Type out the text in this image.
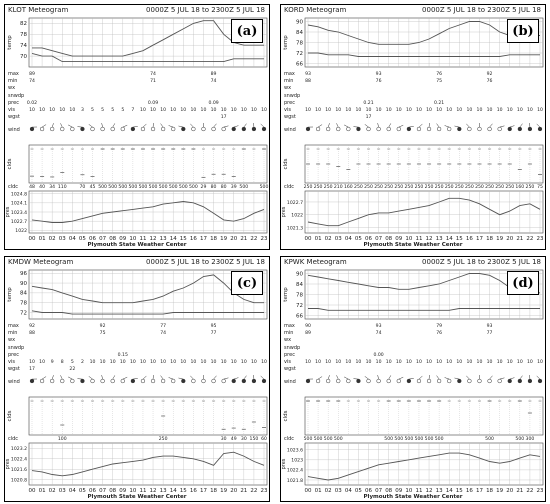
KLOT Meteogram	0000Z 5 JUL 18 to 2300Z 5 JUL 18
70
74
78
82
temp
max 89	74	89
min	74	71	74
wx
snwdp
prec 0.02	0.09	0.09
vis	10 10 10 10 10 3 5 5 5 5 7 10 10 10 10 10 10 10 10 10 10 10 10 10
wgst	17
wind
clds
cldc 48 40 34 110	70 45 500 500 500 500 500 500 500 500 500 500 29 80 80 39 500 500
1022
1022.7
1023.4
1024.1
1024.8
pres
00 01 02 03 04 05 06 07 08 09 10 11 12 13 14 15 16 17 18 19 20 21 22 23
(a)
Plymouth State Weather Center
KORD Meteogram	0000Z 5 JUL 18 to 2300Z 5 JUL 18
66
72
78
84
90
temp
max 93	93	76	92
min	88	76	75	76
wx
snwdp
prec	0.21	0.21
vis	10 10 10 10 10 10 10 10 10 10 10 10 10 10 10 10 10 10 10 10 10 10 10 10
wgst	17
wind
clds
cldc 250 250 250 210 160 250 250 250 250 250 250 250 250 250 250 250 250 250 250 250 250 160 250 75
1021.3
1022
1022.7
pres
00 01 02 03 04 05 06 07 08 09 10 11 12 13 14 15 16 17 18 19 20 21 22 23
(b)
Plymouth State Weather Center
KMDW Meteogram	0000Z 5 JUL 18 to 2300Z 5 JUL 18
72
78
84
90
96
temp
max 92	92	77	95
min	88	75	74	77
wx
snwdp
prec	0.15
vis	10 10 9 8 5 2 10 10 10 10 10 10 10 10 10 10 10 10 10 10 10 10 10 10
wgst 17	22
wind
clds
cldc	100	250	30 49 30 150 60
1020.8
1021.6
1022.4
1023.2
pres
00 01 02 03 04 05 06 07 08 09 10 11 12 13 14 15 16 17 18 19 20 21 22 23
(c)
Plymouth State Weather Center
KPWK Meteogram	0000Z 5 JUL 18 to 2300Z 5 JUL 18
66
72
78
84
90
temp
max 90	93	79	93
min	89	74	76	77
wx
snwdp
prec	0.00
vis	10 10 10 10 10 10 10 10 10 10 10 10 10 10 10 10 10 10 10 10 10 10 10 10
wgst
wind
clds
cldc 500 500 500 500	500 500 500 500 500 500	500	500 300
1021.8
1022.4
1023
1023.6
pres
00 01 02 03 04 05 06 07 08 09 10 11 12 13 14 15 16 17 18 19 20 21 22 23
(d)
Plymouth State Weather Center
